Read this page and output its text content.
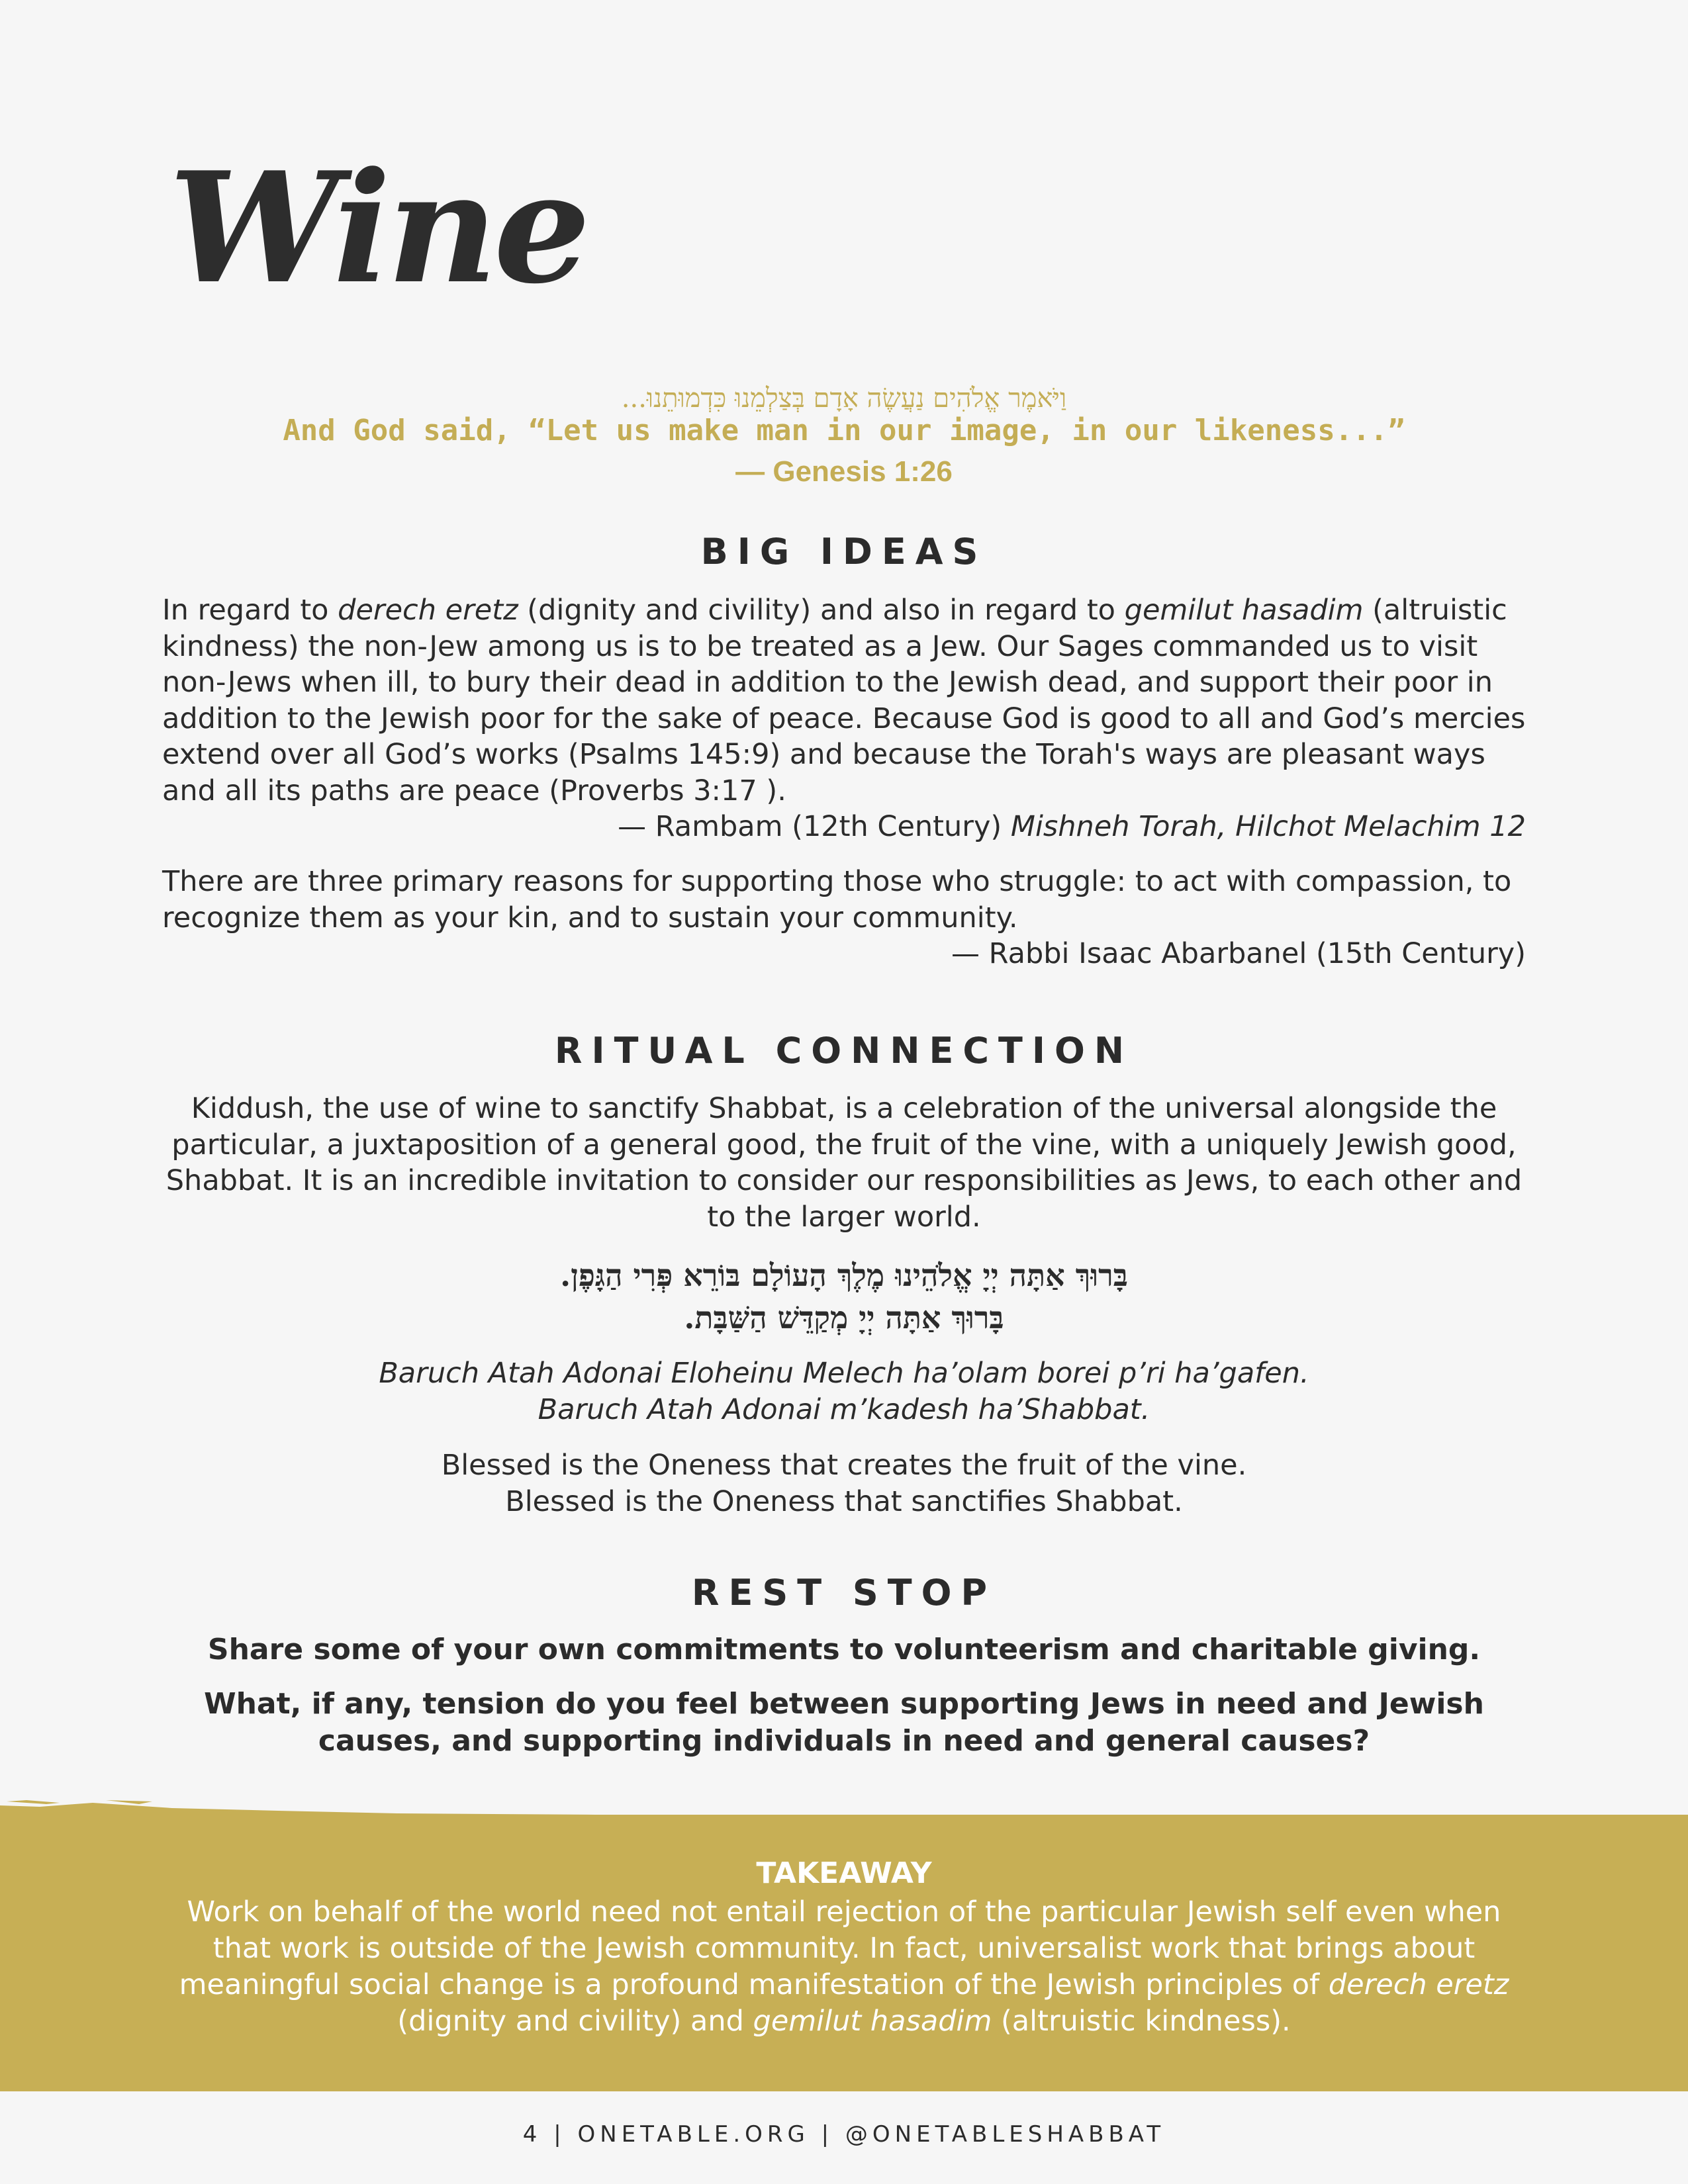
Wine
וַיֹּאמֶר אֱלֹהִים נַעֲשֶׂה אָדָם בְּצַלְמֵנוּ כִּדְמוּתֵנוּ...
And God said, “Let us make man in our image, in our likeness...”
— Genesis 1:26
BIG IDEAS
In regard to derech eretz (dignity and civility) and also in regard to gemilut hasadim (altruistic kindness) the non-Jew among us is to be treated as a Jew. Our Sages commanded us to visit non-Jews when ill, to bury their dead in addition to the Jewish dead, and support their poor in addition to the Jewish poor for the sake of peace. Because God is good to all and God’s mercies extend over all God’s works (Psalms 145:9) and because the Torah's ways are pleasant ways and all its paths are peace (Proverbs 3:17 ).
— Rambam (12th Century) Mishneh Torah, Hilchot Melachim 12
There are three primary reasons for supporting those who struggle: to act with compassion, to recognize them as your kin, and to sustain your community.
— Rabbi Isaac Abarbanel (15th Century)
RITUAL CONNECTION
Kiddush, the use of wine to sanctify Shabbat, is a celebration of the universal alongside the particular, a juxtaposition of a general good, the fruit of the vine, with a uniquely Jewish good, Shabbat. It is an incredible invitation to consider our responsibilities as Jews, to each other and to the larger world.
בָּרוּךְ אַתָּה יְיָ אֱלֹהֵינוּ מֶלֶךְ הָעוֹלָם בּוֹרֵא פְּרִי הַגָּפֶן.
בָּרוּךְ אַתָּה יְיָ מְקַדֵּשׁ הַשַּׁבָּת.
Baruch Atah Adonai Eloheinu Melech ha’olam borei p’ri ha’gafen.
Baruch Atah Adonai m’kadesh ha’Shabbat.
Blessed is the Oneness that creates the fruit of the vine.
Blessed is the Oneness that sanctifies Shabbat.
REST STOP
Share some of your own commitments to volunteerism and charitable giving.
What, if any, tension do you feel between supporting Jews in need and Jewish causes, and supporting individuals in need and general causes?
TAKEAWAY
Work on behalf of the world need not entail rejection of the particular Jewish self even when that work is outside of the Jewish community. In fact, universalist work that brings about meaningful social change is a profound manifestation of the Jewish principles of derech eretz (dignity and civility) and gemilut hasadim (altruistic kindness).
4 | ONETABLE.ORG | @ONETABLESHABBAT
